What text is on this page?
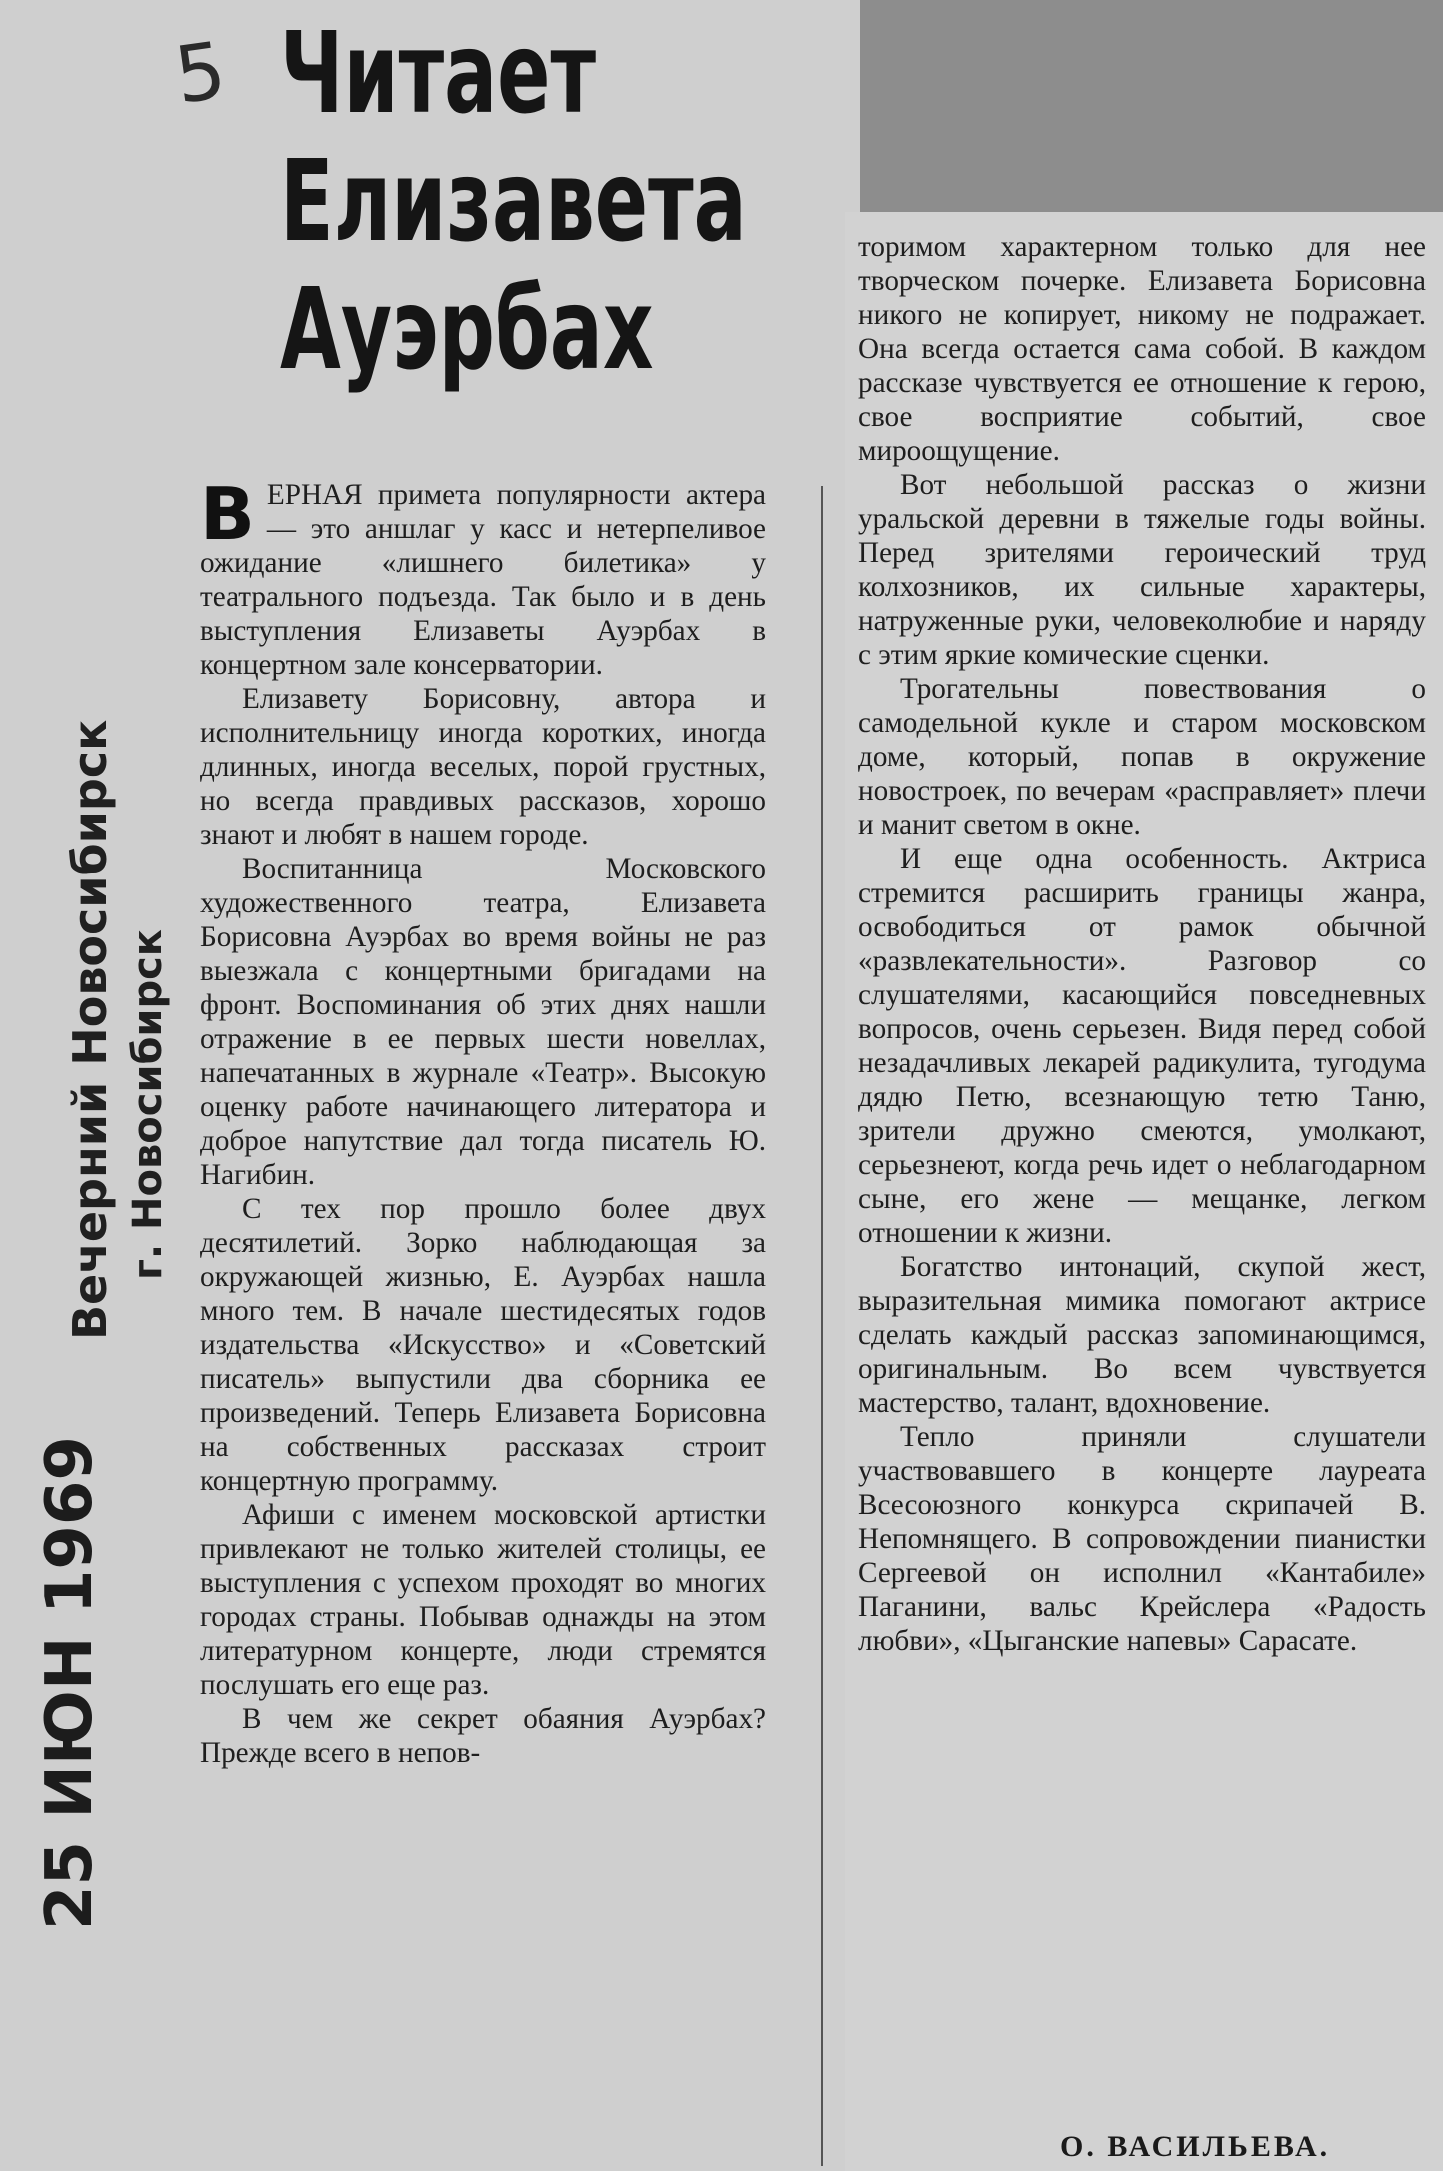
5 Читает
Елизавета
Ауэрбах
Вечерний Новосибирск г. Новосибирск
25 ИЮН 1969

ВЕРНАЯ примета популярности актера — это аншлаг у касс и нетерпеливое ожидание «лишнего билетика» у театрального подъезда. Так было и в день выступления Елизаветы Ауэрбах в концертном зале консерватории.

Елизавету Борисовну, автора и исполнительницу иногда коротких, иногда длинных, иногда веселых, порой грустных, но всегда правдивых рассказов, хорошо знают и любят в нашем городе.

Воспитанница Московского художественного театра, Елизавета Борисовна Ауэрбах во время войны не раз выезжала с концертными бригадами на фронт. Воспоминания об этих днях нашли отражение в ее первых шести новеллах, напечатанных в журнале «Театр». Высокую оценку работе начинающего литератора и доброе напутствие дал тогда писатель Ю. Нагибин.

С тех пор прошло более двух десятилетий. Зорко наблюдающая за окружающей жизнью, Е. Ауэрбах нашла много тем. В начале шестидесятых годов издательства «Искусство» и «Советский писатель» выпустили два сборника ее произведений. Теперь Елизавета Борисовна на собственных рассказах строит концертную программу.

Афиши с именем московской артистки привлекают не только жителей столицы, ее выступления с успехом проходят во многих городах страны. Побывав однажды на этом литературном концерте, люди стремятся послушать его еще раз.

В чем же секрет обаяния Ауэрбах? Прежде всего в непов-

торимом характерном только для нее творческом почерке. Елизавета Борисовна никого не копирует, никому не подражает. Она всегда остается сама собой. В каждом рассказе чувствуется ее отношение к герою, свое восприятие событий, свое мироощущение.

Вот небольшой рассказ о жизни уральской деревни в тяжелые годы войны. Перед зрителями героический труд колхозников, их сильные характеры, натруженные руки, человеколюбие и наряду с этим яркие комические сценки.

Трогательны повествования о самодельной кукле и старом московском доме, который, попав в окружение новостроек, по вечерам «расправляет» плечи и манит светом в окне.

И еще одна особенность. Актриса стремится расширить границы жанра, освободиться от рамок обычной «развлекательности». Разговор со слушателями, касающийся повседневных вопросов, очень серьезен. Видя перед собой незадачливых лекарей радикулита, тугодума дядю Петю, всезнающую тетю Таню, зрители дружно смеются, умолкают, серьезнеют, когда речь идет о неблагодарном сыне, его жене — мещанке, легком отношении к жизни.

Богатство интонаций, скупой жест, выразительная мимика помогают актрисе сделать каждый рассказ запоминающимся, оригинальным. Во всем чувствуется мастерство, талант, вдохновение.

Тепло приняли слушатели участвовавшего в концерте лауреата Всесоюзного конкурса скрипачей В. Непомнящего. В сопровождении пианистки Сергеевой он исполнил «Кантабиле» Паганини, вальс Крейслера «Радость любви», «Цыганские напевы» Сарасате.

О. ВАСИЛЬЕВА.
